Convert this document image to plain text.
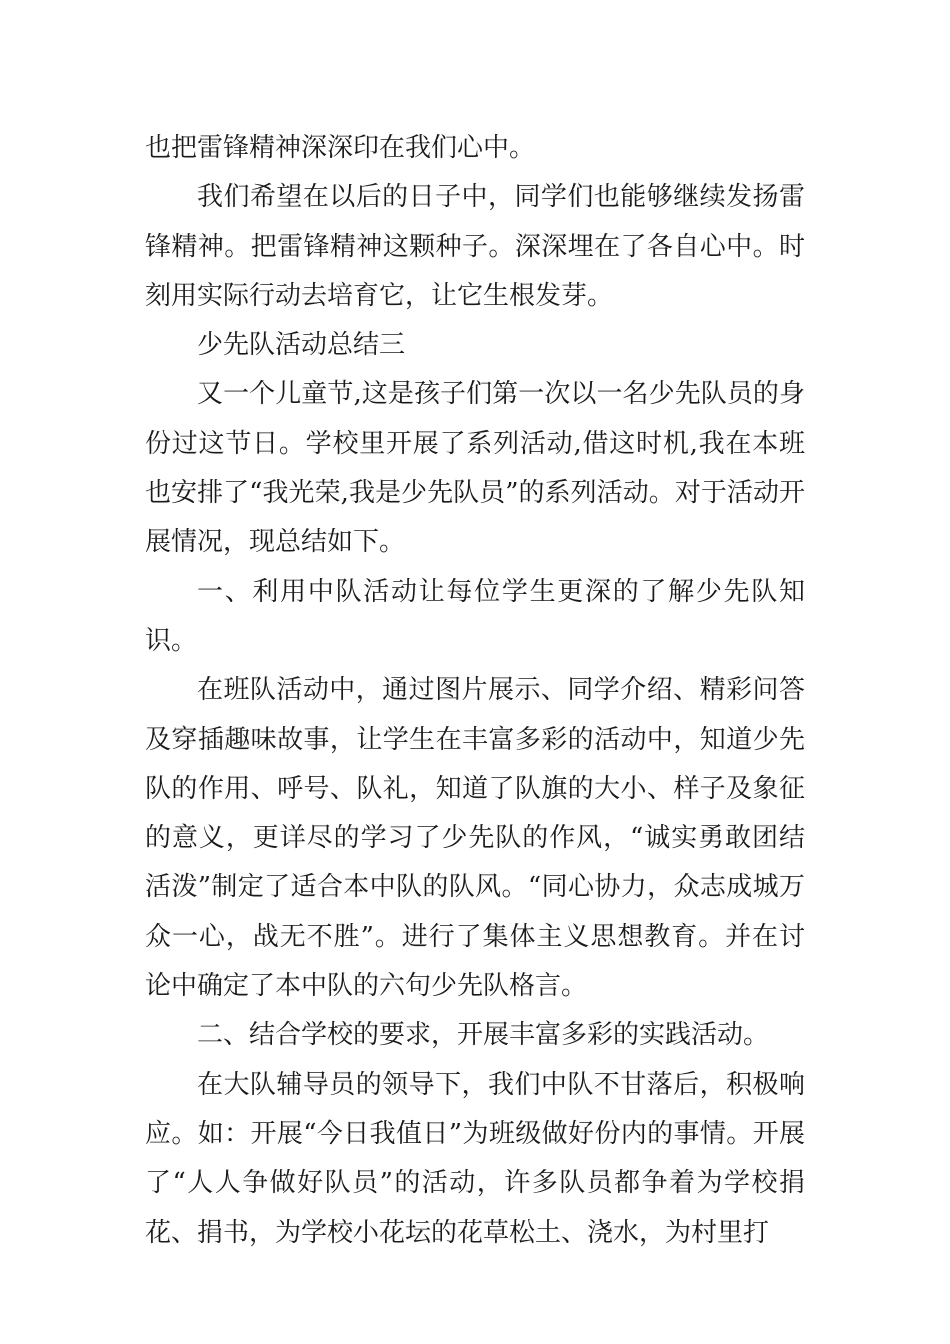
也把雷锋精神深深印在我们心中。

我们希望在以后的日子中，同学们也能够继续发扬雷锋精神。把雷锋精神这颗种子。深深埋在了各自心中。时刻用实际行动去培育它，让它生根发芽。

少先队活动总结三

又一个儿童节,这是孩子们第一次以一名少先队员的身份过这节日。学校里开展了系列活动,借这时机,我在本班也安排了“我光荣,我是少先队员”的系列活动。对于活动开展情况，现总结如下。

一、利用中队活动让每位学生更深的了解少先队知识。

在班队活动中，通过图片展示、同学介绍、精彩问答及穿插趣味故事，让学生在丰富多彩的活动中，知道少先队的作用、呼号、队礼，知道了队旗的大小、样子及象征的意义，更详尽的学习了少先队的作风，“诚实勇敢团结活泼”制定了适合本中队的队风。“同心协力，众志成城万众一心，战无不胜”。进行了集体主义思想教育。并在讨论中确定了本中队的六句少先队格言。

二、结合学校的要求，开展丰富多彩的实践活动。

在大队辅导员的领导下，我们中队不甘落后，积极响应。如：开展“今日我值日”为班级做好份内的事情。开展了“人人争做好队员”的活动，许多队员都争着为学校捐花、捐书，为学校小花坛的花草松土、浇水，为村里打
